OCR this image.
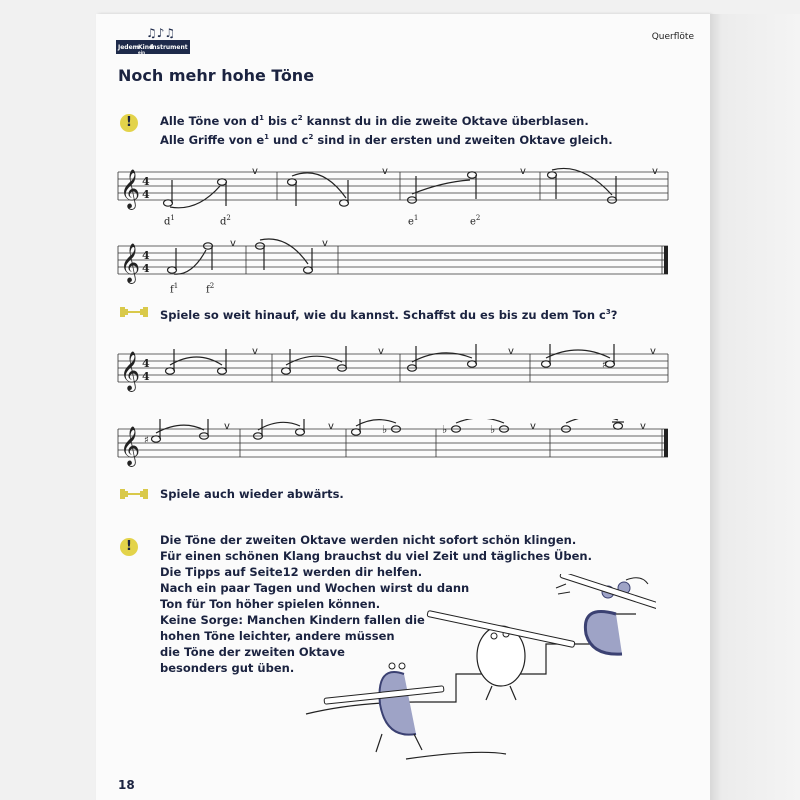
♫♪♫
Jedem Kind
ein
Instrument
Querflöte
Noch mehr hohe Töne
!	Alle Töne von $d^1$ bis $c^2$ kannst du in die zweite Oktave überblasen.
Alle Griffe von $e^1$ und $c^2$ sind in der ersten und zweiten Oktave gleich.
𝄞 4
4
v	v	v	v
$d^1$	$d^2$	$e^1$	$e^2$
𝄞 4
4
v	v
$f^1$	$f^2$
Spiele so weit hinauf, wie du kannst. Schaffst du es bis zu dem Ton $c^3$?
𝄞 4
4
♯
v	v	v	v
𝄞 ♯
♭	♭	♭
v	v	v	v
Spiele auch wieder abwärts.
!	Die Töne der zweiten Oktave werden nicht sofort schön klingen.
Für einen schönen Klang brauchst du viel Zeit und tägliches Üben.
Die Tipps auf Seite12 werden dir helfen.
Nach ein paar Tagen und Wochen wirst du dann
Ton für Ton höher spielen können.
Keine Sorge: Manchen Kindern fallen die
hohen Töne leichter, andere müssen
die Töne der zweiten Oktave
besonders gut üben.
18
